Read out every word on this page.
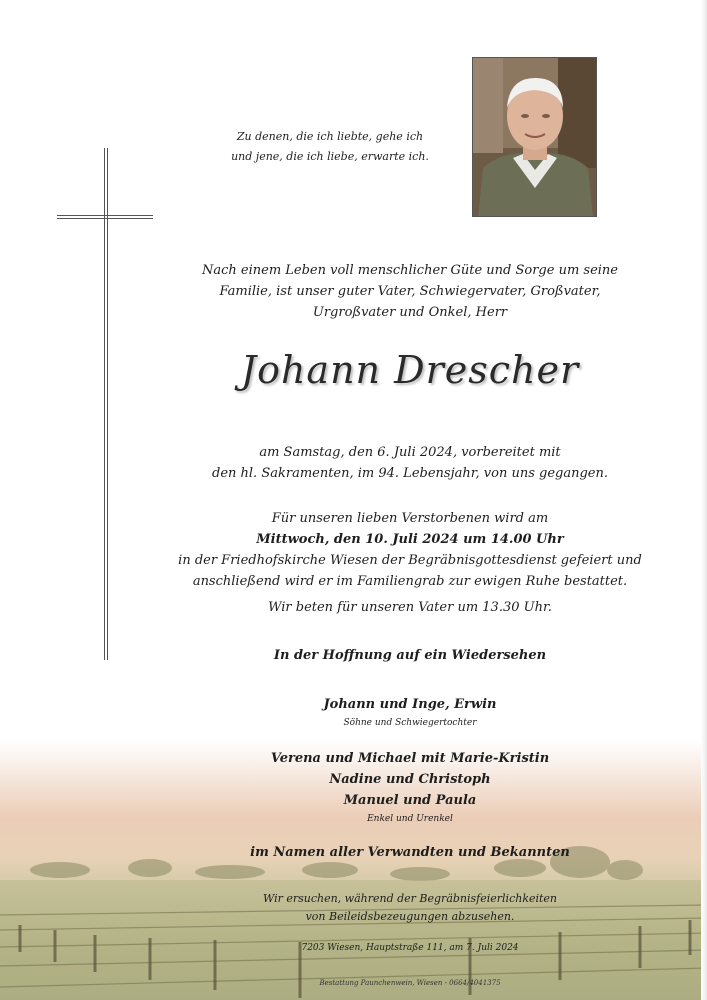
Zu denen, die ich liebte, gehe ich
und jene, die ich liebe, erwarte ich.
Nach einem Leben voll menschlicher Güte und Sorge um seine
Familie, ist unser guter Vater, Schwiegervater, Großvater,
Urgroßvater und Onkel, Herr
Johann Drescher
am Samstag, den 6. Juli 2024, vorbereitet mit
den hl. Sakramenten, im 94. Lebensjahr, von uns gegangen.
Für unseren lieben Verstorbenen wird am
Mittwoch, den 10. Juli 2024 um 14.00 Uhr
in der Friedhofskirche Wiesen der Begräbnisgottesdienst gefeiert und
anschließend wird er im Familiengrab zur ewigen Ruhe bestattet.
Wir beten für unseren Vater um 13.30 Uhr.
In der Hoffnung auf ein Wiedersehen
Johann und Inge, Erwin
Söhne und Schwiegertochter
Verena und Michael mit Marie-Kristin
Nadine und Christoph
Manuel und Paula
Enkel und Urenkel
im Namen aller Verwandten und Bekannten
Wir ersuchen, während der Begräbnisfeierlichkeiten
von Beileidsbezeugungen abzusehen.
7203 Wiesen, Hauptstraße 111, am 7. Juli 2024
Bestattung Paunchenwein, Wiesen - 0664/4041375
